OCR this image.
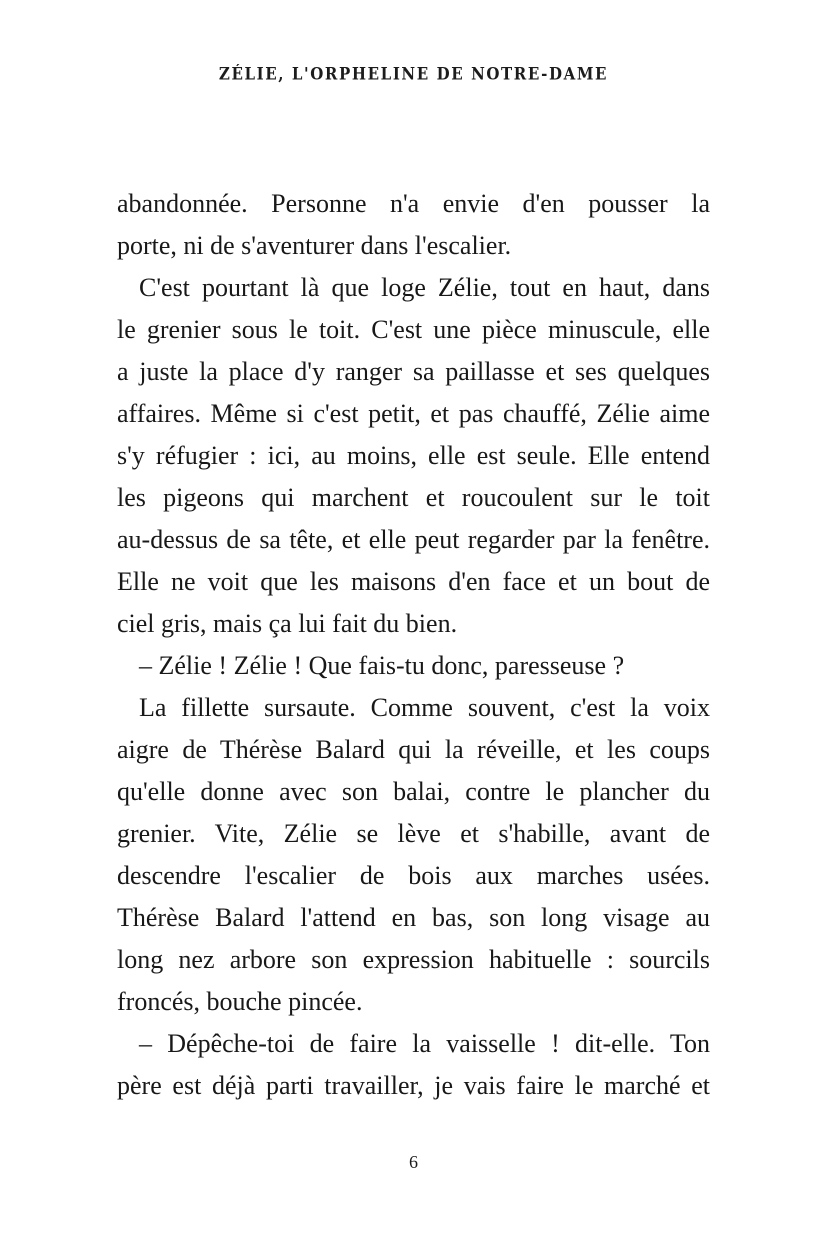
ZÉLIE, L'ORPHELINE DE NOTRE-DAME
abandonnée. Personne n'a envie d'en pousser la
porte, ni de s'aventurer dans l'escalier.
C'est pourtant là que loge Zélie, tout en haut, dans
le grenier sous le toit. C'est une pièce minuscule, elle
a juste la place d'y ranger sa paillasse et ses quelques
affaires. Même si c'est petit, et pas chauffé, Zélie aime
s'y réfugier : ici, au moins, elle est seule. Elle entend
les pigeons qui marchent et roucoulent sur le toit
au-dessus de sa tête, et elle peut regarder par la fenêtre.
Elle ne voit que les maisons d'en face et un bout de
ciel gris, mais ça lui fait du bien.
– Zélie ! Zélie ! Que fais-tu donc, paresseuse ?
La fillette sursaute. Comme souvent, c'est la voix
aigre de Thérèse Balard qui la réveille, et les coups
qu'elle donne avec son balai, contre le plancher du
grenier. Vite, Zélie se lève et s'habille, avant de
descendre l'escalier de bois aux marches usées.
Thérèse Balard l'attend en bas, son long visage au
long nez arbore son expression habituelle : sourcils
froncés, bouche pincée.
– Dépêche-toi de faire la vaisselle ! dit-elle. Ton
père est déjà parti travailler, je vais faire le marché et
6
